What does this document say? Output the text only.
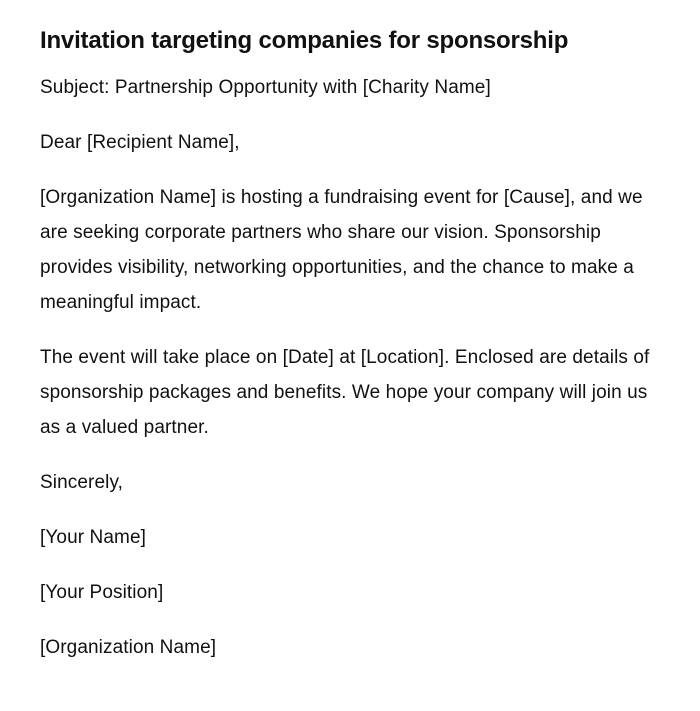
Invitation targeting companies for sponsorship

Subject: Partnership Opportunity with [Charity Name]

Dear [Recipient Name],

[Organization Name] is hosting a fundraising event for [Cause], and we are seeking corporate partners who share our vision. Sponsorship provides visibility, networking opportunities, and the chance to make a meaningful impact.

The event will take place on [Date] at [Location]. Enclosed are details of sponsorship packages and benefits. We hope your company will join us as a valued partner.

Sincerely,

[Your Name]

[Your Position]

[Organization Name]
